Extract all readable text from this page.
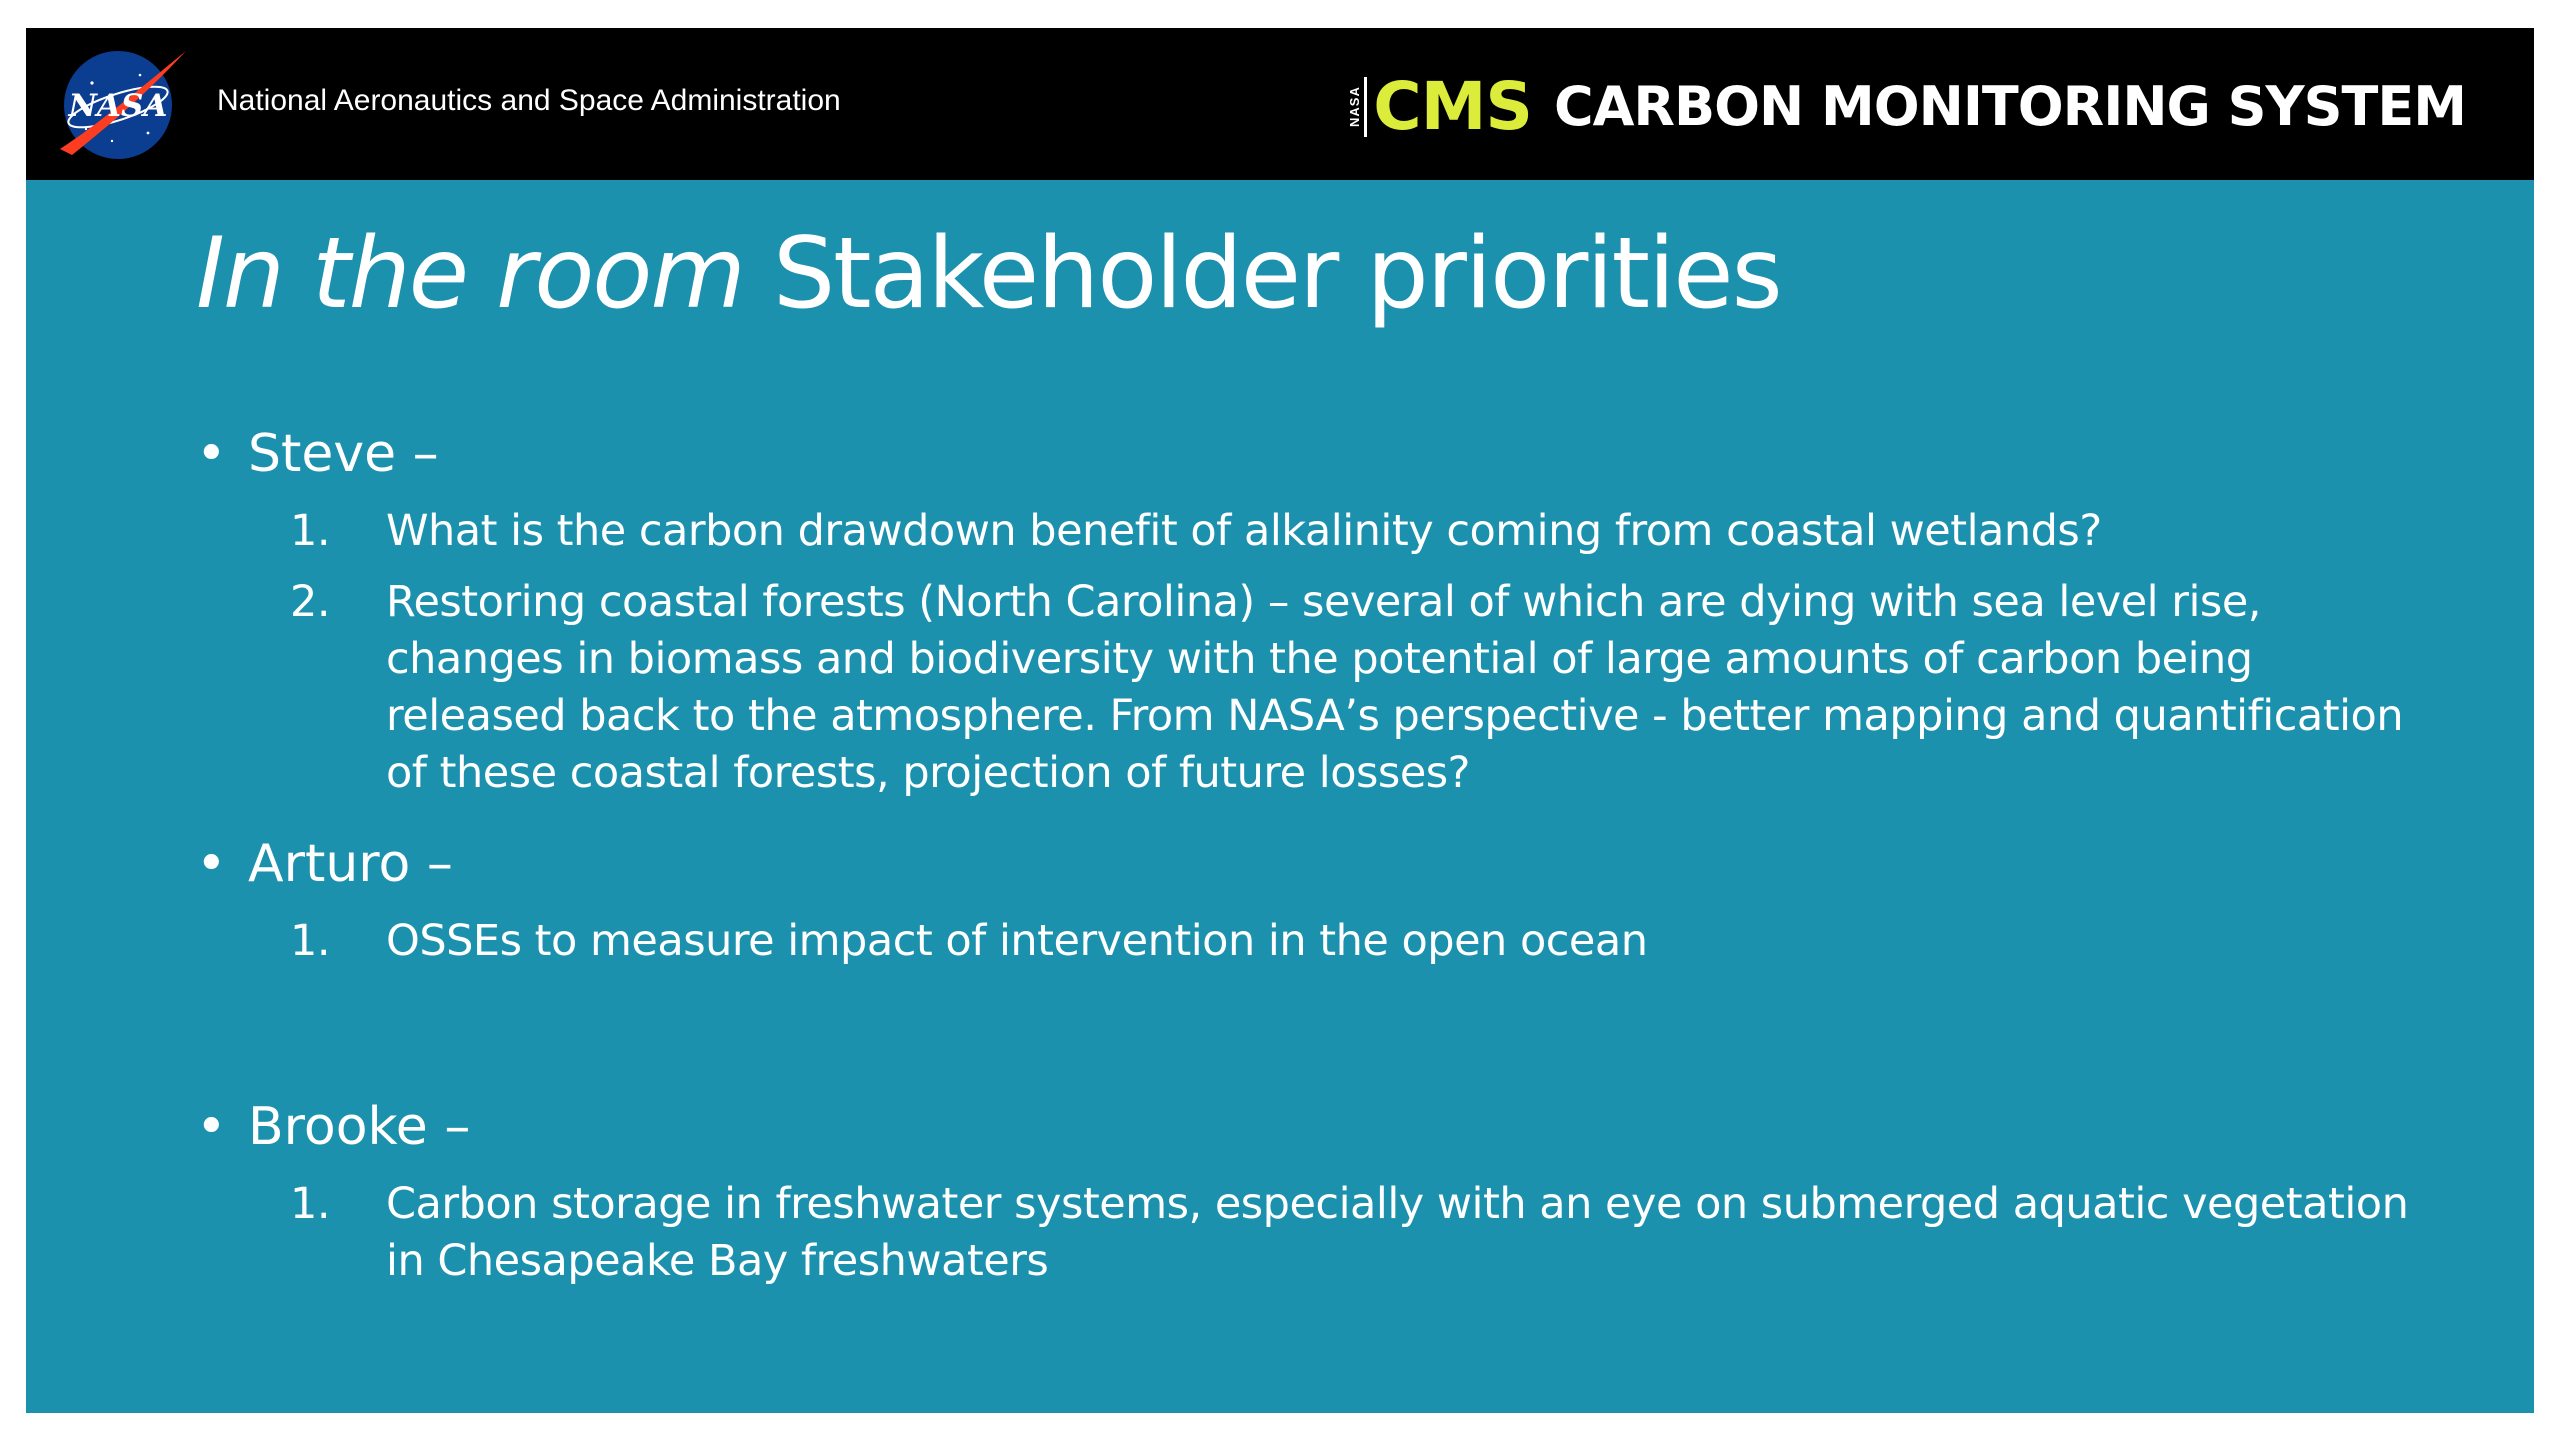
NASA National Aeronautics and Space Administration	NASA CMS CARBON MONITORING SYSTEM
In the room Stakeholder priorities
• Steve –
1.	What is the carbon drawdown benefit of alkalinity coming from coastal wetlands?
2.	Restoring coastal forests (North Carolina) – several of which are dying with sea level rise, changes in biomass and biodiversity with the potential of large amounts of carbon being released back to the atmosphere. From NASA’s perspective - better mapping and quantification of these coastal forests, projection of future losses?
• Arturo –
1.	OSSEs to measure impact of intervention in the open ocean
• Brooke –
1.	Carbon storage in freshwater systems, especially with an eye on submerged aquatic vegetation in Chesapeake Bay freshwaters
